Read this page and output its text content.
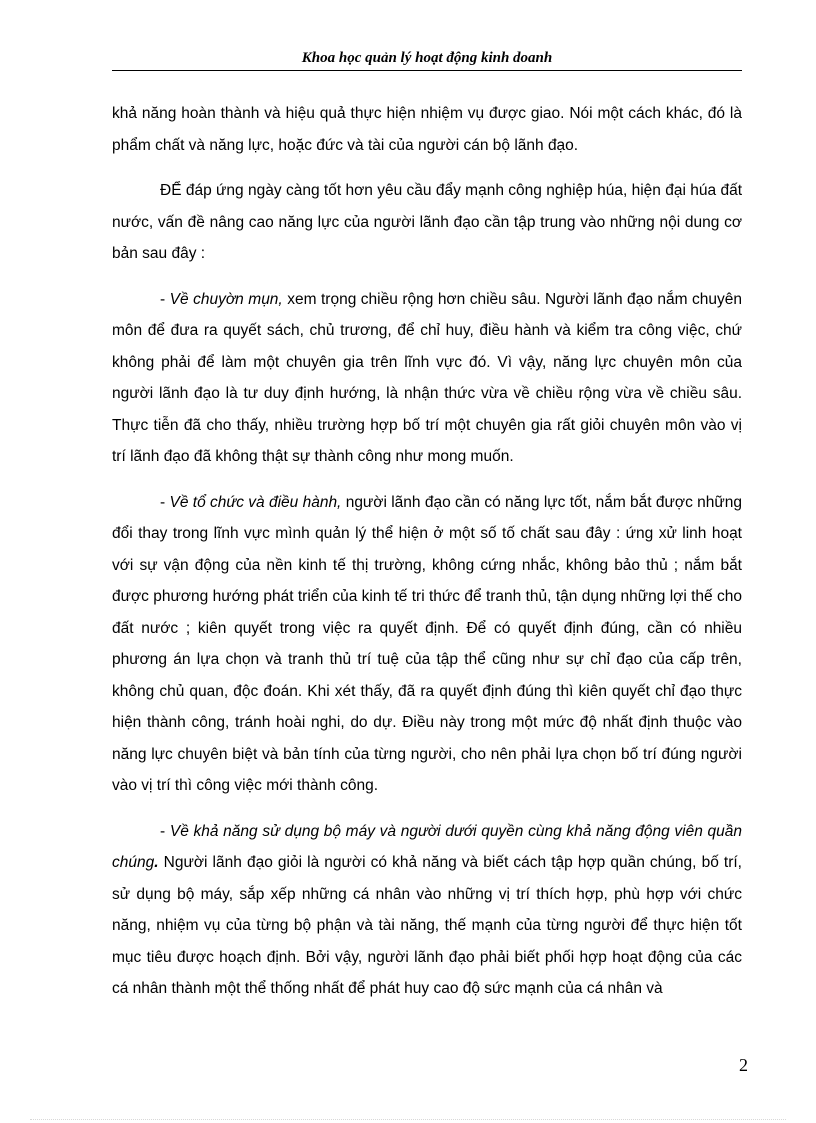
Khoa học quản lý hoạt động kinh doanh

khả năng hoàn thành và hiệu quả thực hiện nhiệm vụ được giao. Nói một cách khác, đó là phẩm chất và năng lực, hoặc đức và tài của người cán bộ lãnh đạo.

ĐỂ đáp ứng ngày càng tốt hơn yêu cầu đẩy mạnh công nghiệp húa, hiện đại húa đất nước, vấn đề nâng cao năng lực của người lãnh đạo cần tập trung vào những nội dung cơ bản sau đây :

- Về chuyờn mụn, xem trọng chiều rộng hơn chiều sâu. Người lãnh đạo nắm chuyên môn để đưa ra quyết sách, chủ trương, để chỉ huy, điều hành và kiểm tra công việc, chứ không phải để làm một chuyên gia trên lĩnh vực đó. Vì vậy, năng lực chuyên môn của người lãnh đạo là tư duy định hướng, là nhận thức vừa về chiều rộng vừa về chiều sâu. Thực tiễn đã cho thấy, nhiều trường hợp bố trí một chuyên gia rất giỏi chuyên môn vào vị trí lãnh đạo đã không thật sự thành công như mong muốn.

- Về tổ chức và điều hành, người lãnh đạo cần có năng lực tốt, nắm bắt được những đổi thay trong lĩnh vực mình quản lý thể hiện ở một số tố chất sau đây : ứng xử linh hoạt với sự vận động của nền kinh tế thị trường, không cứng nhắc, không bảo thủ ; nắm bắt được phương hướng phát triển của kinh tế tri thức để tranh thủ, tận dụng những lợi thế cho đất nước ; kiên quyết trong việc ra quyết định. Để có quyết định đúng, cần có nhiều phương án lựa chọn và tranh thủ trí tuệ của tập thể cũng như sự chỉ đạo của cấp trên, không chủ quan, độc đoán. Khi xét thấy, đã ra quyết định đúng thì kiên quyết chỉ đạo thực hiện thành công, tránh hoài nghi, do dự. Điều này trong một mức độ nhất định thuộc vào năng lực chuyên biệt và bản tính của từng người, cho nên phải lựa chọn bố trí đúng người vào vị trí thì công việc mới thành công.

- Về khả năng sử dụng bộ máy và người dưới quyền cùng khả năng động viên quần chúng. Người lãnh đạo giỏi là người có khả năng và biết cách tập hợp quần chúng, bố trí, sử dụng bộ máy, sắp xếp những cá nhân vào những vị trí thích hợp, phù hợp với chức năng, nhiệm vụ của từng bộ phận và tài năng, thế mạnh của từng người để thực hiện tốt mục tiêu được hoạch định. Bởi vậy, người lãnh đạo phải biết phối hợp hoạt động của các cá nhân thành một thể thống nhất để phát huy cao độ sức mạnh của cá nhân và

2
